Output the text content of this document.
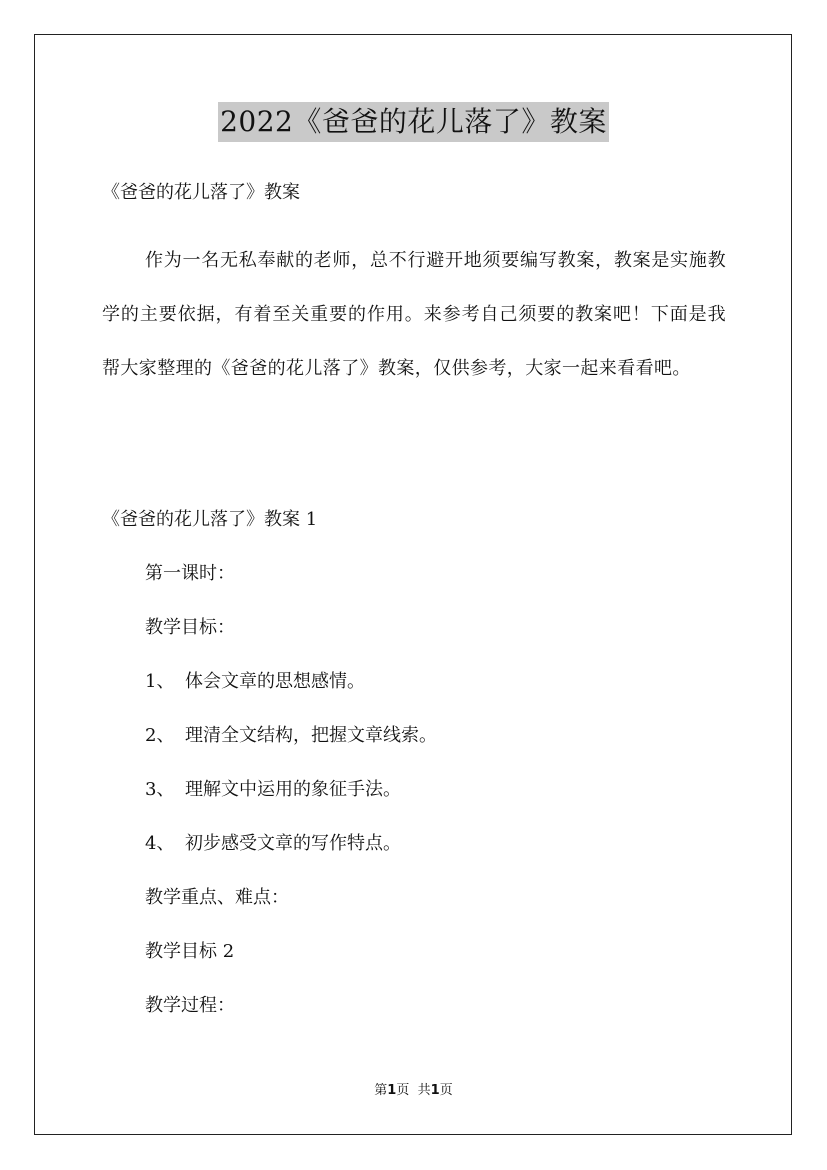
2022《爸爸的花儿落了》教案
《爸爸的花儿落了》教案
作为一名无私奉献的老师，总不行避开地须要编写教案，教案是实施教学的主要依据，有着至关重要的作用。来参考自己须要的教案吧！下面是我帮大家整理的《爸爸的花儿落了》教案，仅供参考，大家一起来看看吧。
《爸爸的花儿落了》教案 1
第一课时：
教学目标：
1、 体会文章的思想感情。
2、 理清全文结构，把握文章线索。
3、 理解文中运用的象征手法。
4、 初步感受文章的写作特点。
教学重点、难点：
教学目标 2
教学过程：
第1页 共1页
